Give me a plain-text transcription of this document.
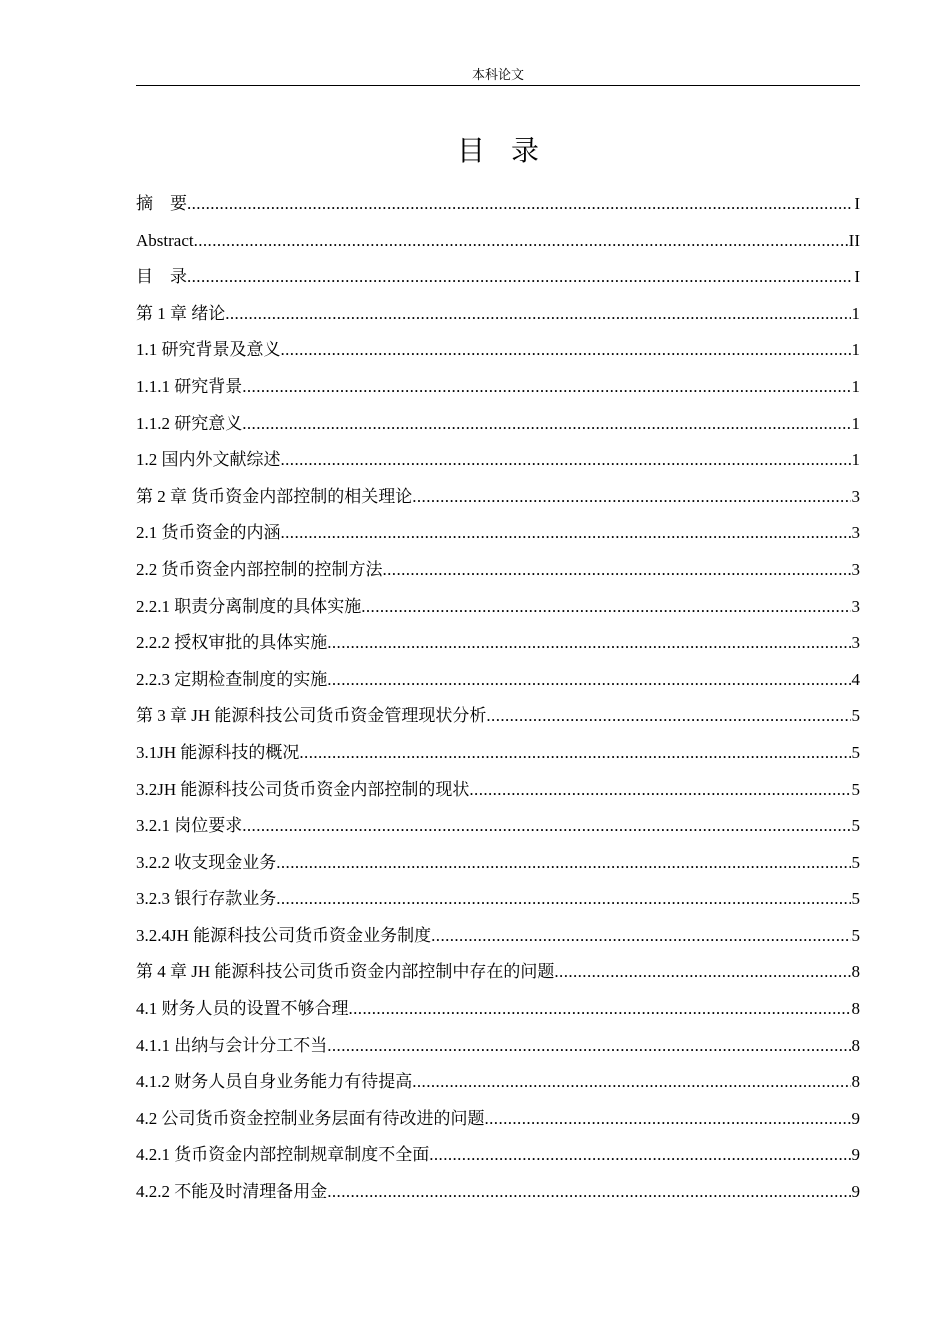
本科论文
目录
摘　要 .....	I
Abstract .....	II
目　录 .....	I
第 1 章 绪论 .....	1
1.1 研究背景及意义 .....	1
1.1.1 研究背景 .....	1
1.1.2 研究意义 .....	1
1.2 国内外文献综述 .....	1
第 2 章 货币资金内部控制的相关理论 .....	3
2.1 货币资金的内涵 .....	3
2.2 货币资金内部控制的控制方法 .....	3
2.2.1 职责分离制度的具体实施 .....	3
2.2.2 授权审批的具体实施 .....	3
2.2.3 定期检查制度的实施 .....	4
第 3 章 JH 能源科技公司货币资金管理现状分析 .....	5
3.1JH 能源科技的概况 .....	5
3.2JH 能源科技公司货币资金内部控制的现状 .....	5
3.2.1 岗位要求 .....	5
3.2.2 收支现金业务 .....	5
3.2.3 银行存款业务 .....	5
3.2.4JH 能源科技公司货币资金业务制度 .....	5
第 4 章 JH 能源科技公司货币资金内部控制中存在的问题 .....	8
4.1 财务人员的设置不够合理 .....	8
4.1.1 出纳与会计分工不当 .....	8
4.1.2 财务人员自身业务能力有待提高 .....	8
4.2 公司货币资金控制业务层面有待改进的问题 .....	9
4.2.1 货币资金内部控制规章制度不全面 .....	9
4.2.2 不能及时清理备用金 .....	9
